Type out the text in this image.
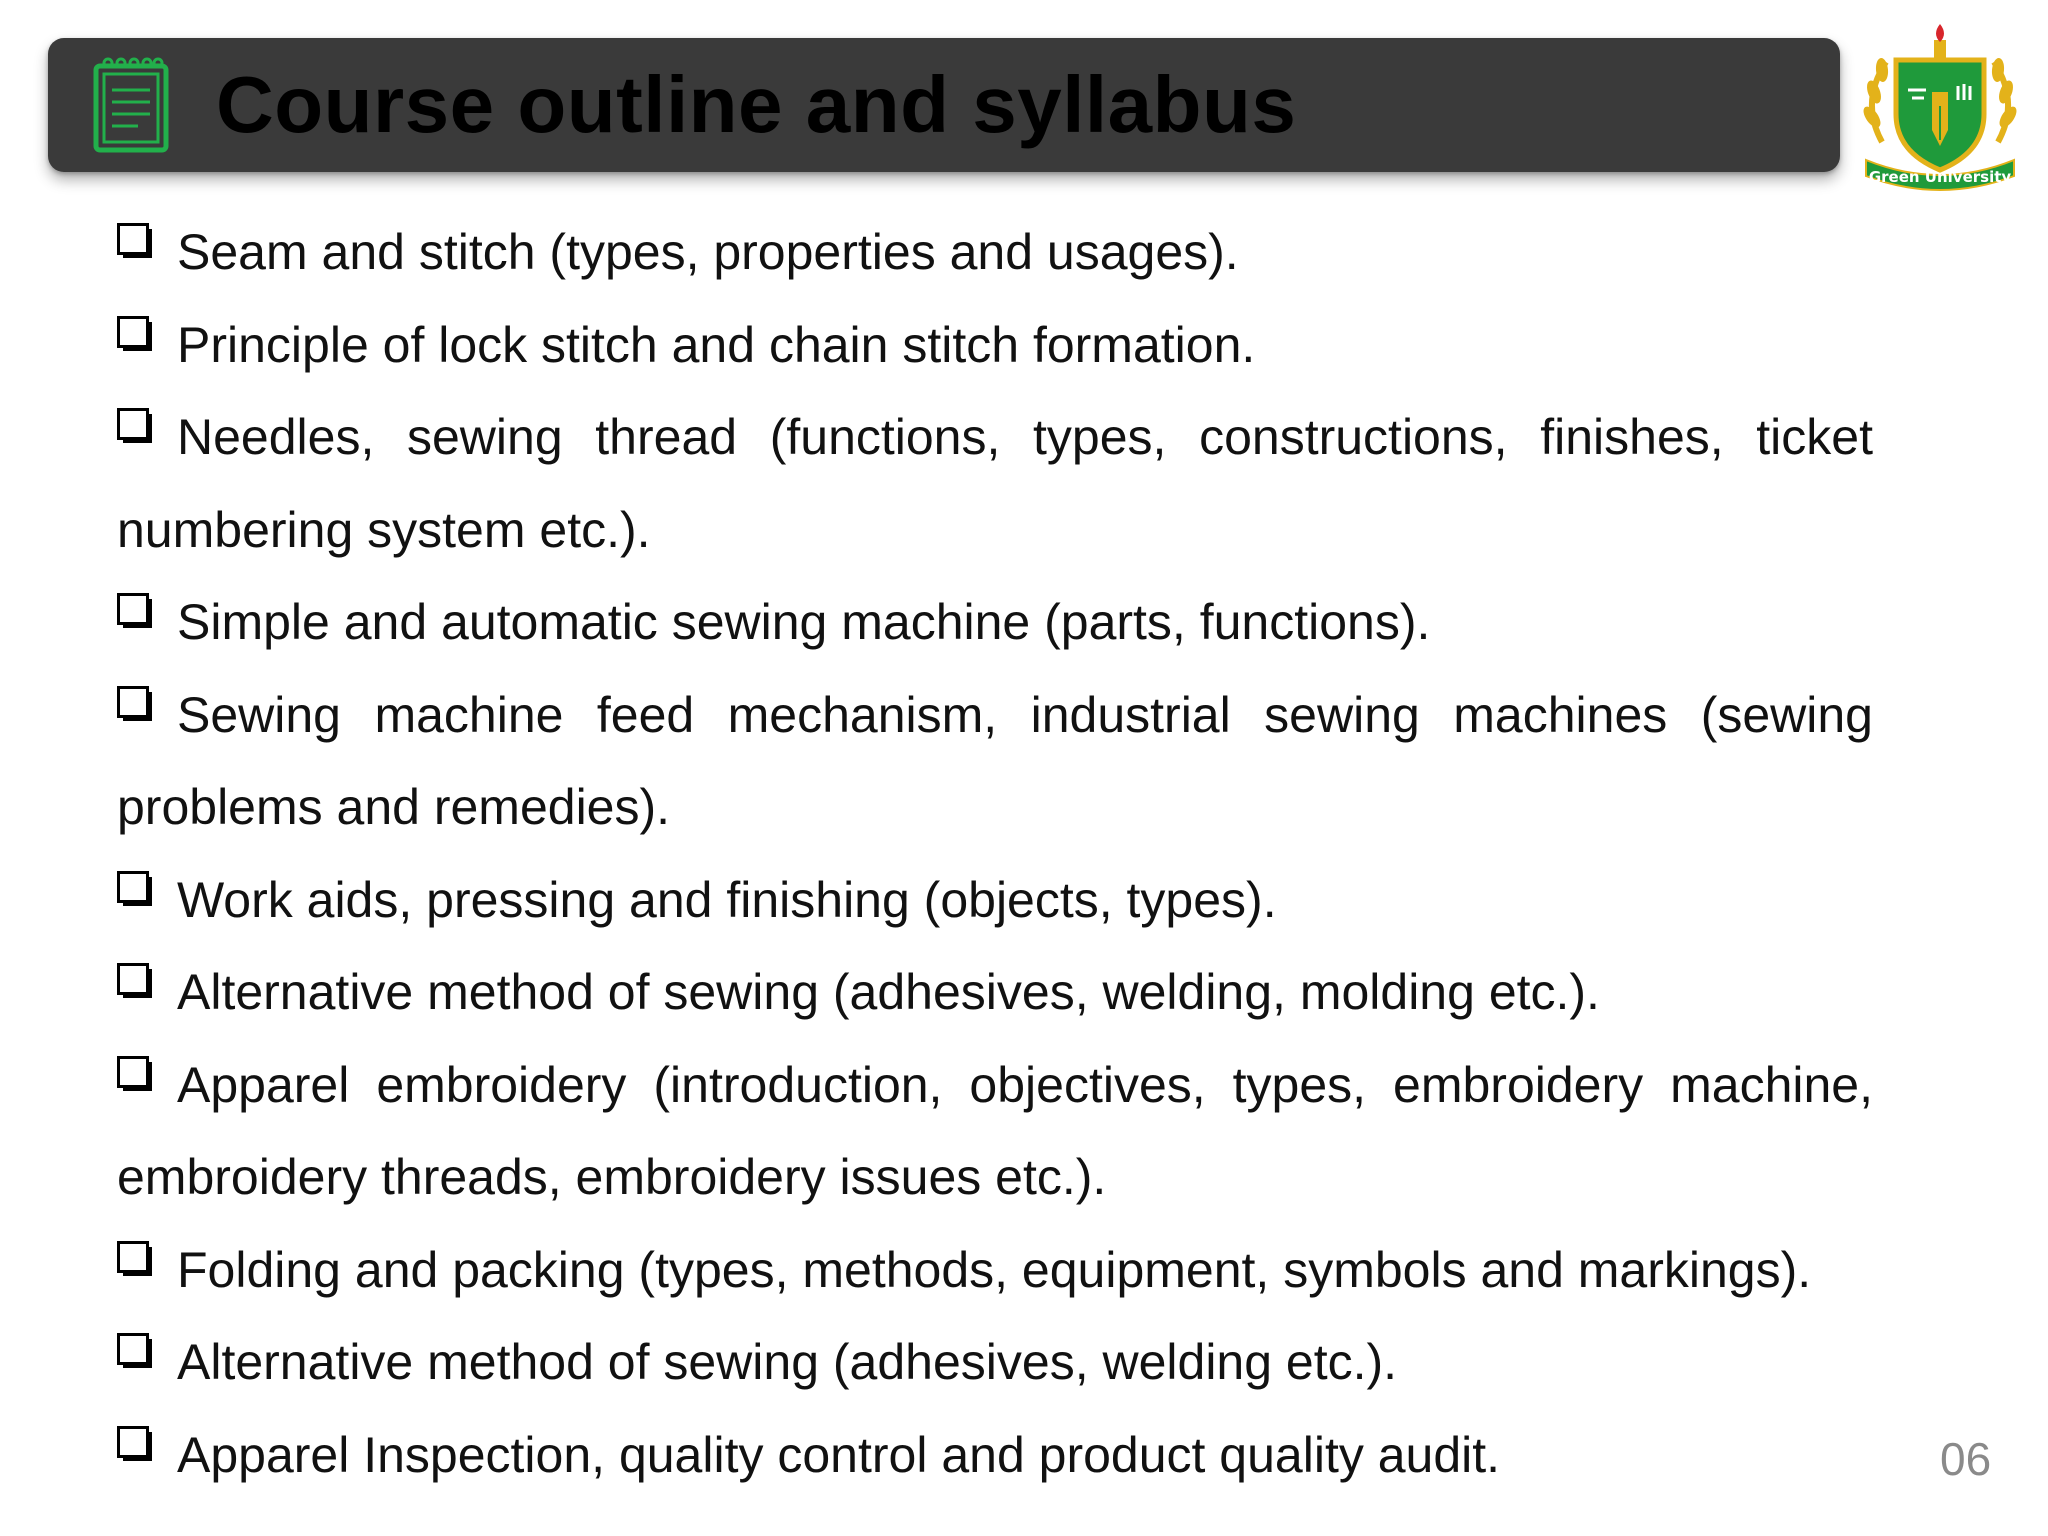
Course outline and syllabus
Green University
Seam and stitch (types, properties and usages).
Principle of lock stitch and chain stitch formation.
Needles, sewing thread (functions, types, constructions, finishes, ticket numbering system etc.).
Simple and automatic sewing machine (parts, functions).
Sewing machine feed mechanism, industrial sewing machines (sewing problems and remedies).
Work aids, pressing and finishing (objects, types).
Alternative method of sewing (adhesives, welding, molding etc.).
Apparel embroidery (introduction, objectives, types, embroidery machine, embroidery threads, embroidery issues etc.).
Folding and packing (types, methods, equipment, symbols and markings).
Alternative method of sewing (adhesives, welding etc.).
Apparel Inspection, quality control and product quality audit.	06
